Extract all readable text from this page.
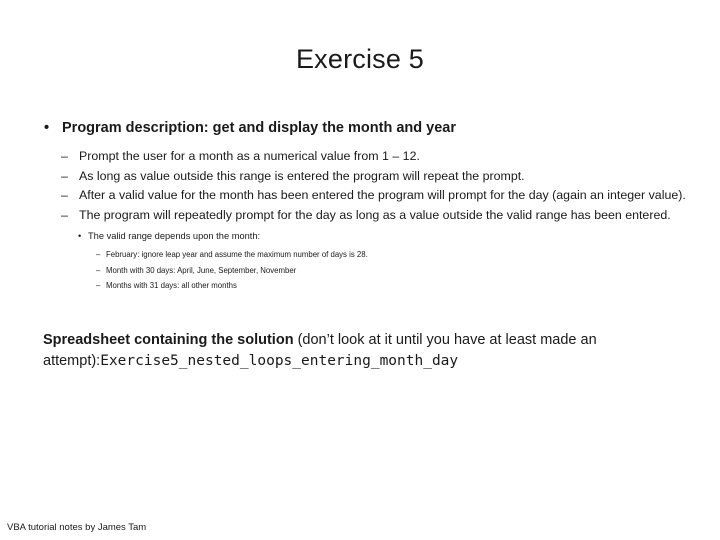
Exercise 5
• Program description: get and display the month and year
– Prompt the user for a month as a numerical value from 1 – 12.
– As long as value outside this range is entered the program will repeat the prompt.
– After a valid value for the month has been entered the program will prompt for the day (again an integer value).
– The program will repeatedly prompt for the day as long as a value outside the valid range has been entered.
• The valid range depends upon the month:
– February: ignore leap year and assume the maximum number of days is 28.
– Month with 30 days: April, June, September, November
– Months with 31 days: all other months
Spreadsheet containing the solution (don’t look at it until you have at least made an attempt):Exercise5_nested_loops_entering_month_day
VBA tutorial notes by James Tam
